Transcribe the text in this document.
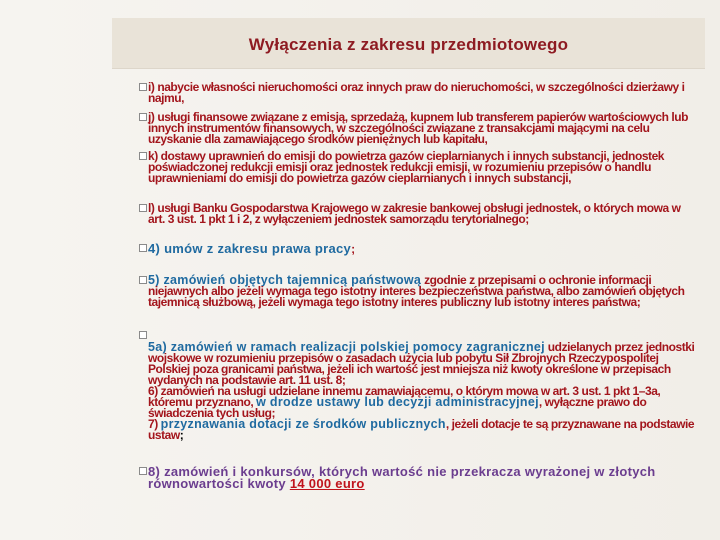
Wyłączenia z zakresu przedmiotowego
i) nabycie własności nieruchomości oraz innych praw do nieruchomości, w szczególności dzierżawy i najmu,
j) usługi finansowe związane z emisją, sprzedażą, kupnem lub transferem papierów wartościowych lub innych instrumentów finansowych, w szczególności związane z transakcjami mającymi na celu uzyskanie dla zamawiającego środków pieniężnych lub kapitału,
k) dostawy uprawnień do emisji do powietrza gazów cieplarnianych i innych substancji, jednostek poświadczonej redukcji emisji oraz jednostek redukcji emisji, w rozumieniu przepisów o handlu uprawnieniami do emisji do powietrza gazów cieplarnianych i innych substancji,
l) usługi Banku Gospodarstwa Krajowego w zakresie bankowej obsługi jednostek, o których mowa w art. 3 ust. 1 pkt 1 i 2, z wyłączeniem jednostek samorządu terytorialnego;
4) umów z zakresu prawa pracy;
5) zamówień objętych tajemnicą państwową zgodnie z przepisami o ochronie informacji niejawnych albo jeżeli wymaga tego istotny interes bezpieczeństwa państwa, albo zamówień objętych tajemnicą służbową, jeżeli wymaga tego istotny interes publiczny lub istotny interes państwa;
5a) zamówień w ramach realizacji polskiej pomocy zagranicznej udzielanych przez jednostki wojskowe w rozumieniu przepisów o zasadach użycia lub pobytu Sił Zbrojnych Rzeczypospolitej Polskiej poza granicami państwa, jeżeli ich wartość jest mniejsza niż kwoty określone w przepisach wydanych na podstawie art. 11 ust. 8;
6) zamówień na usługi udzielane innemu zamawiającemu, o którym mowa w art. 3 ust. 1 pkt 1–3a, któremu przyznano, w drodze ustawy lub decyzji administracyjnej, wyłączne prawo do świadczenia tych usług;
7) przyznawania dotacji ze środków publicznych, jeżeli dotacje te są przyznawane na podstawie ustaw;
8) zamówień i konkursów, których wartość nie przekracza wyrażonej w złotych równowartości kwoty 14 000 euro
